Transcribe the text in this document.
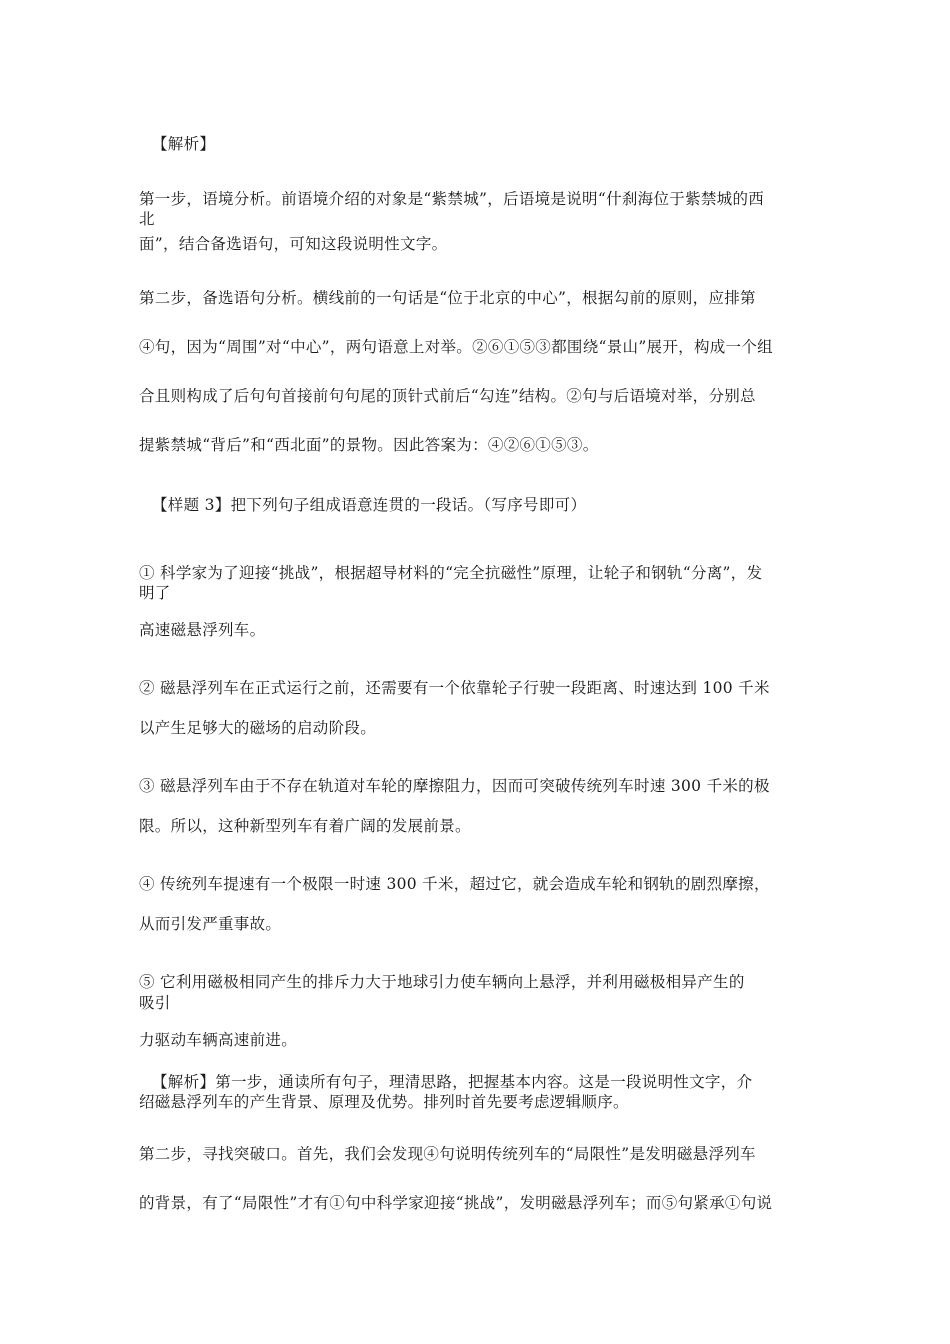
【解析】
第一步，语境分析。前语境介绍的对象是“紫禁城”，后语境是说明“什刹海位于紫禁城的西
北
面”，结合备选语句，可知这段说明性文字。
第二步，备选语句分析。横线前的一句话是“位于北京的中心”，根据勾前的原则，应排第
④句，因为“周围”对“中心”，两句语意上对举。②⑥①⑤③都围绕“景山”展开，构成一个组
合且则构成了后句句首接前句句尾的顶针式前后“勾连”结构。②句与后语境对举，分别总
提紫禁城“背后”和“西北面”的景物。因此答案为：④②⑥①⑤③。
【样题 3】把下列句子组成语意连贯的一段话。（写序号即可）
① 科学家为了迎接“挑战”，根据超导材料的“完全抗磁性”原理，让轮子和钢轨“分离”，发
明了
高速磁悬浮列车。
② 磁悬浮列车在正式运行之前，还需要有一个依靠轮子行驶一段距离、时速达到 100 千米
以产生足够大的磁场的启动阶段。
③ 磁悬浮列车由于不存在轨道对车轮的摩擦阻力，因而可突破传统列车时速 300 千米的极
限。所以，这种新型列车有着广阔的发展前景。
④ 传统列车提速有一个极限一时速 300 千米，超过它，就会造成车轮和钢轨的剧烈摩擦，
从而引发严重事故。
⑤ 它利用磁极相同产生的排斥力大于地球引力使车辆向上悬浮，并利用磁极相异产生的
吸引
力驱动车辆高速前进。
【解析】第一步，通读所有句子，理清思路，把握基本内容。这是一段说明性文字，介
绍磁悬浮列车的产生背景、原理及优势。排列时首先要考虑逻辑顺序。
第二步，寻找突破口。首先，我们会发现④句说明传统列车的“局限性”是发明磁悬浮列车
的背景，有了“局限性”才有①句中科学家迎接“挑战”，发明磁悬浮列车；而⑤句紧承①句说
